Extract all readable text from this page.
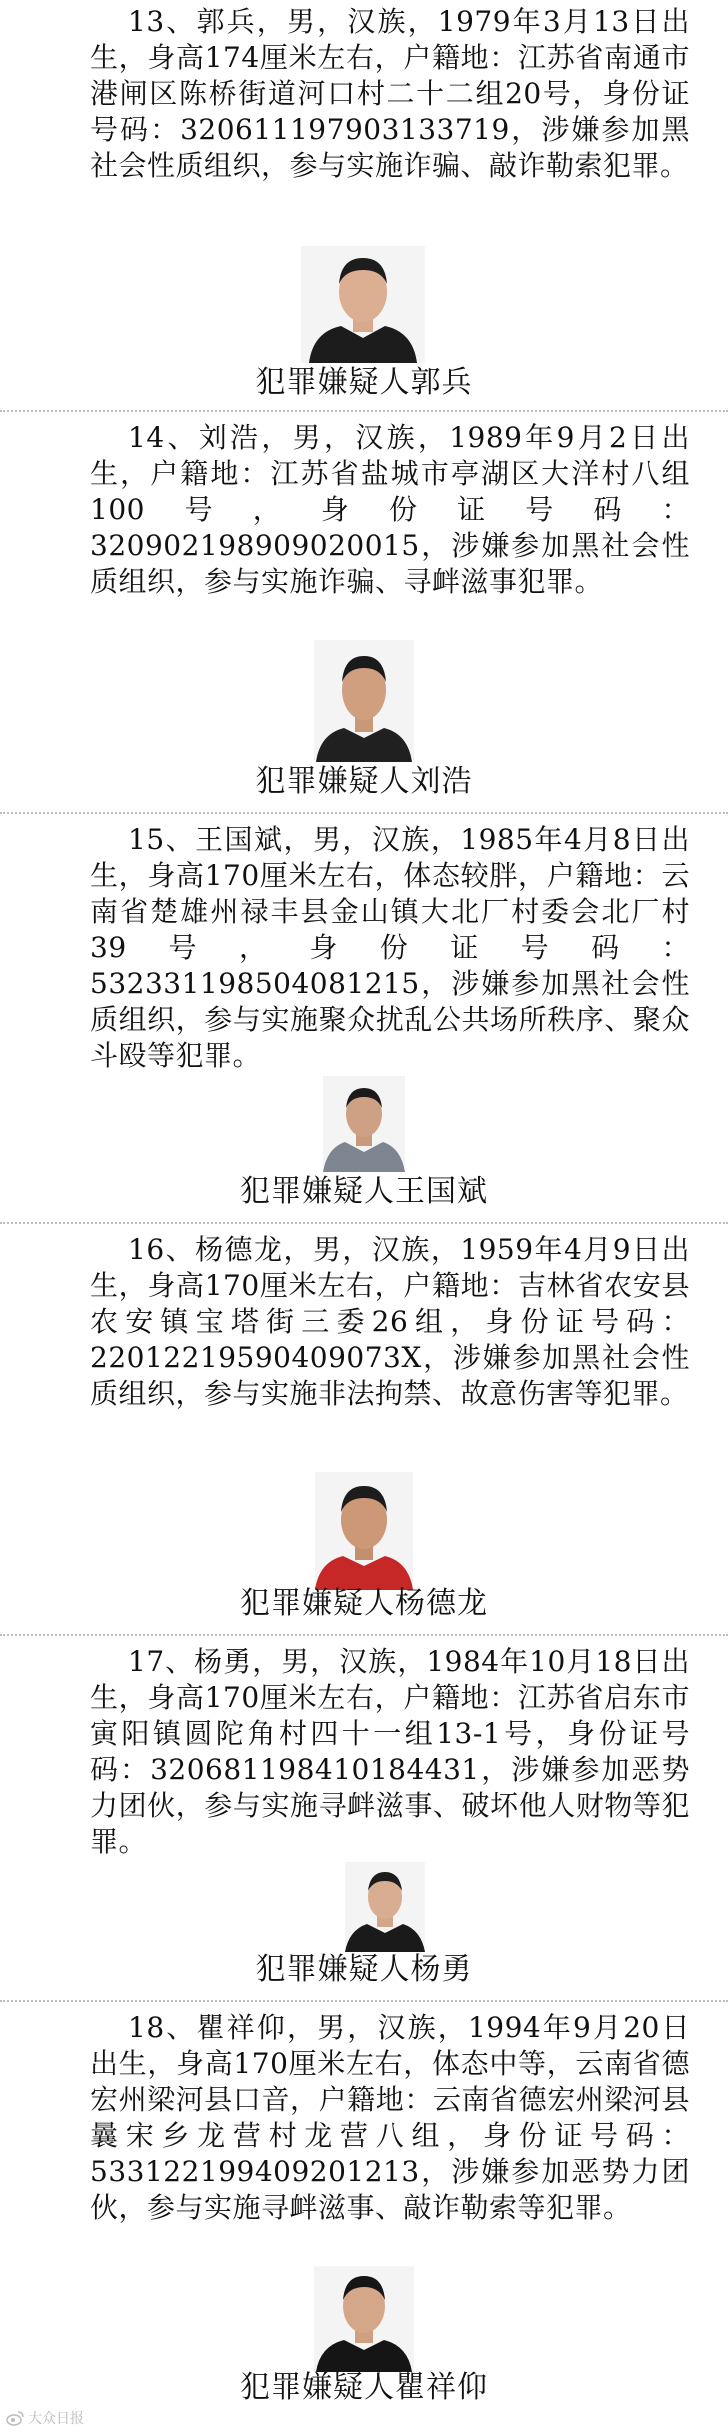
13、郭兵，男，汉族，1979年3月13日出生，身高174厘米左右，户籍地：江苏省南通市港闸区陈桥街道河口村二十二组20号，身份证号码：320611197903133719，涉嫌参加黑社会性质组织，参与实施诈骗、敲诈勒索犯罪。

犯罪嫌疑人郭兵

14、刘浩，男，汉族，1989年9月2日出生，户籍地：江苏省盐城市亭湖区大洋村八组100号，身份证号码：320902198909020015，涉嫌参加黑社会性质组织，参与实施诈骗、寻衅滋事犯罪。

犯罪嫌疑人刘浩

15、王国斌，男，汉族，1985年4月8日出生，身高170厘米左右，体态较胖，户籍地：云南省楚雄州禄丰县金山镇大北厂村委会北厂村39号，身份证号码：532331198504081215，涉嫌参加黑社会性质组织，参与实施聚众扰乱公共场所秩序、聚众斗殴等犯罪。

犯罪嫌疑人王国斌

16、杨德龙，男，汉族，1959年4月9日出生，身高170厘米左右，户籍地：吉林省农安县农安镇宝塔街三委26组，身份证号码：220122195904090​73X，涉嫌参加黑社会性质组织，参与实施非法拘禁、故意伤害等犯罪。

犯罪嫌疑人杨德龙

17、杨勇，男，汉族，1984年10月18日出生，身高170厘米左右，户籍地：江苏省启东市寅阳镇圆陀角村四十一组13-1号，身份证号码：320681198410184431，涉嫌参加恶势力团伙，参与实施寻衅滋事、破坏他人财物等犯罪。

犯罪嫌疑人杨勇

18、瞿祥仰，男，汉族，1994年9月20日出生，身高170厘米左右，体态中等，云南省德宏州梁河县口音，户籍地：云南省德宏州梁河县曩宋乡龙营村龙营八组，身份证号码：533122199409201213，涉嫌参加恶势力团伙，参与实施寻衅滋事、敲诈勒索等犯罪。

犯罪嫌疑人瞿祥仰

大众日报
